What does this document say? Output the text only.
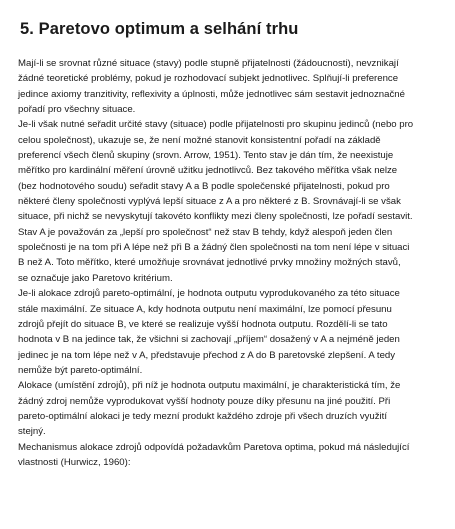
5. Paretovo optimum a selhání trhu
Mají-li se srovnat různé situace (stavy) podle stupně přijatelnosti (žádoucnosti), nevznikají
žádné teoretické problémy, pokud je rozhodovací subjekt jednotlivec. Splňují-li preference
jedince axiomy tranzitivity, reflexivity a úplnosti, může jednotlivec sám sestavit jednoznačné
pořadí pro všechny situace.
Je-li však nutné seřadit určité stavy (situace) podle přijatelnosti pro skupinu jedinců (nebo pro
celou společnost), ukazuje se, že není možné stanovit konsistentní pořadí na základě
preferencí všech členů skupiny (srovn. Arrow, 1951). Tento stav je dán tím, že neexistuje
měřítko pro kardinální měření úrovně užitku jednotlivců. Bez takového měřítka však nelze
(bez hodnotového soudu) seřadit stavy A a B podle společenské přijatelnosti, pokud pro
některé členy společnosti vyplývá lepší situace z A a pro některé z B. Srovnávají-li se však
situace, při nichž se nevyskytují takovéto konflikty mezi členy společnosti, lze pořadí sestavit.
Stav A je považován za „lepší pro společnost“ než stav B tehdy, když alespoň jeden člen
společnosti je na tom při A lépe než při B a žádný člen společnosti na tom není lépe v situaci
B než A. Toto měřítko, které umožňuje srovnávat jednotlivé prvky množiny možných stavů,
se označuje jako Paretovo kritérium.
Je-li alokace zdrojů pareto-optimální, je hodnota outputu vyprodukovaného za této situace
stále maximální. Ze situace A, kdy hodnota outputu není maximální, lze pomocí přesunu
zdrojů přejít do situace B, ve které se realizuje vyšší hodnota outputu. Rozdělí-li se tato
hodnota v B na jedince tak, že všichni si zachovají „příjem“ dosažený v A a nejméně jeden
jedinec je na tom lépe než v A, představuje přechod z A do B paretovské zlepšení. A tedy
nemůže být pareto-optimální.
Alokace (umístění zdrojů), při níž je hodnota outputu maximální, je charakteristická tím, že
žádný zdroj nemůže vyprodukovat vyšší hodnoty pouze díky přesunu na jiné použití. Při
pareto-optimální alokaci je tedy mezní produkt každého zdroje při všech druzích využití
stejný.
Mechanismus alokace zdrojů odpovídá požadavkům Paretova optima, pokud má následující
vlastnosti (Hurwicz, 1960):
